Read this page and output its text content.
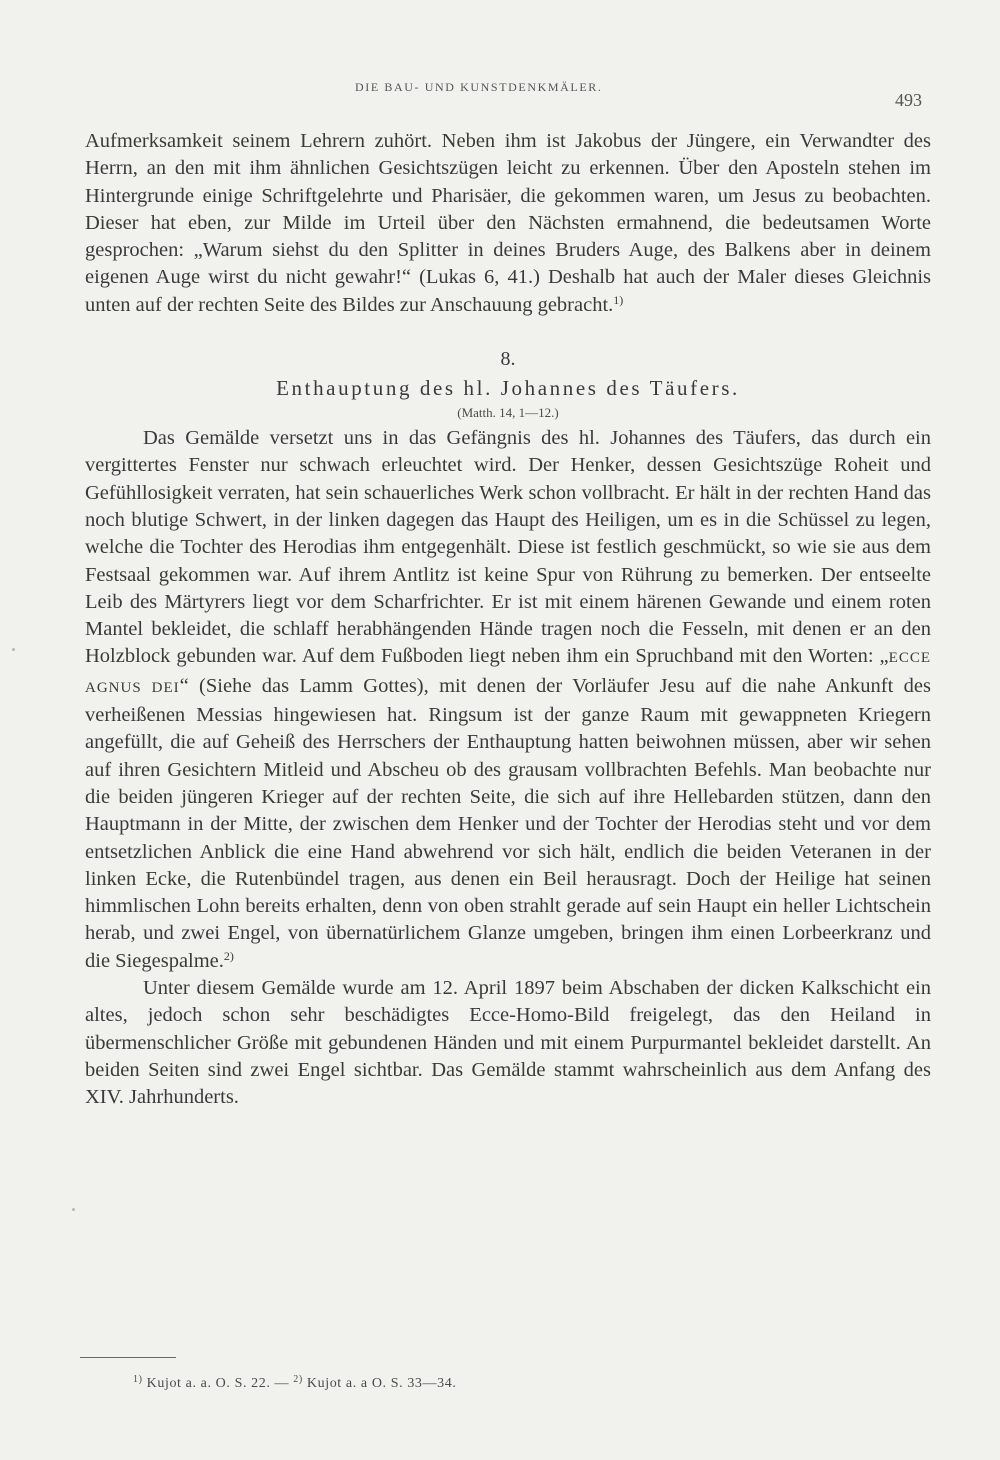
DIE BAU- UND KUNSTDENKMÄLER.
493

Aufmerksamkeit seinem Lehrern zuhört. Neben ihm ist Jakobus der Jüngere, ein Verwandter des Herrn, an den mit ihm ähnlichen Gesichtszügen leicht zu erkennen. Über den Aposteln stehen im Hintergrunde einige Schriftgelehrte und Pharisäer, die gekommen waren, um Jesus zu beobachten. Dieser hat eben, zur Milde im Urteil über den Nächsten ermahnend, die bedeutsamen Worte gesprochen: „Warum siehst du den Splitter in deines Bruders Auge, des Balkens aber in deinem eigenen Auge wirst du nicht gewahr!“ (Lukas 6, 41.) Deshalb hat auch der Maler dieses Gleichnis unten auf der rechten Seite des Bildes zur Anschauung gebracht.$^{1)}$

8.
Enthauptung des hl. Johannes des Täufers.
(Matth. 14, 1—12.)

Das Gemälde versetzt uns in das Gefängnis des hl. Johannes des Täufers, das durch ein vergittertes Fenster nur schwach erleuchtet wird. Der Henker, dessen Gesichtszüge Roheit und Gefühllosigkeit verraten, hat sein schauerliches Werk schon vollbracht. Er hält in der rechten Hand das noch blutige Schwert, in der linken dagegen das Haupt des Heiligen, um es in die Schüssel zu legen, welche die Tochter des Herodias ihm entgegenhält. Diese ist festlich geschmückt, so wie sie aus dem Festsaal gekommen war. Auf ihrem Antlitz ist keine Spur von Rührung zu bemerken. Der entseelte Leib des Märtyrers liegt vor dem Scharfrichter. Er ist mit einem härenen Gewande und einem roten Mantel bekleidet, die schlaff herabhängenden Hände tragen noch die Fesseln, mit denen er an den Holzblock gebunden war. Auf dem Fußboden liegt neben ihm ein Spruchband mit den Worten: „ECCE AGNUS DEI“ (Siehe das Lamm Gottes), mit denen der Vorläufer Jesu auf die nahe Ankunft des verheißenen Messias hingewiesen hat. Ringsum ist der ganze Raum mit gewappneten Kriegern angefüllt, die auf Geheiß des Herrschers der Enthauptung hatten beiwohnen müssen, aber wir sehen auf ihren Gesichtern Mitleid und Abscheu ob des grausam vollbrachten Befehls. Man beobachte nur die beiden jüngeren Krieger auf der rechten Seite, die sich auf ihre Hellebarden stützen, dann den Hauptmann in der Mitte, der zwischen dem Henker und der Tochter der Herodias steht und vor dem entsetzlichen Anblick die eine Hand abwehrend vor sich hält, endlich die beiden Veteranen in der linken Ecke, die Rutenbündel tragen, aus denen ein Beil herausragt. Doch der Heilige hat seinen himmlischen Lohn bereits erhalten, denn von oben strahlt gerade auf sein Haupt ein heller Lichtschein herab, und zwei Engel, von übernatürlichem Glanze umgeben, bringen ihm einen Lorbeerkranz und die Siegespalme.$^{2)}$

Unter diesem Gemälde wurde am 12. April 1897 beim Abschaben der dicken Kalkschicht ein altes, jedoch schon sehr beschädigtes Ecce-Homo-Bild freigelegt, das den Heiland in übermenschlicher Größe mit gebundenen Händen und mit einem Purpurmantel bekleidet darstellt. An beiden Seiten sind zwei Engel sichtbar. Das Gemälde stammt wahrscheinlich aus dem Anfang des XIV. Jahrhunderts.

$^{1)}$ Kujot a. a. O. S. 22. — $^{2)}$ Kujot a. a O. S. 33—34.
